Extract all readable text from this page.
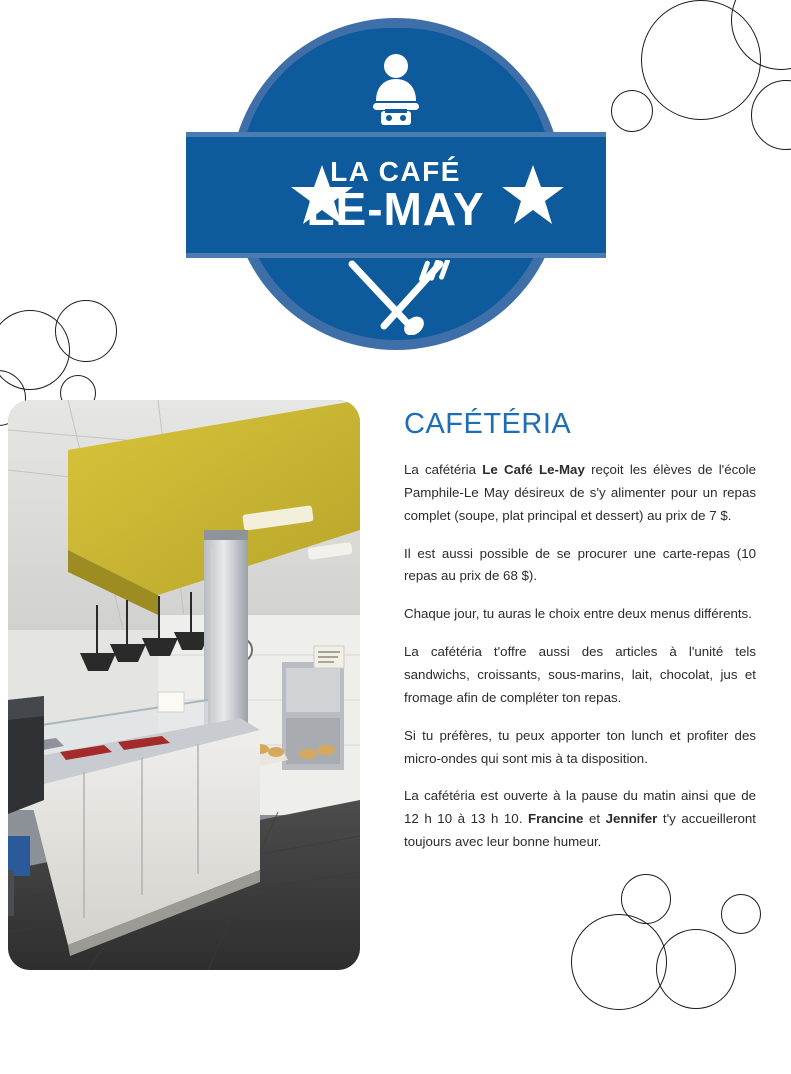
LA CAFÉ
LE-MAY
CAFÉTÉRIA

La cafétéria Le Café Le-May reçoit les élèves de l'école Pamphile-Le May désireux de s'y alimenter pour un repas complet (soupe, plat principal et dessert) au prix de 7 $.

Il est aussi possible de se procurer une carte-repas (10 repas au prix de 68 $).

Chaque jour, tu auras le choix entre deux menus différents.

La cafétéria t'offre aussi des articles à l'unité tels sandwichs, croissants, sous-marins, lait, chocolat, jus et fromage afin de compléter ton repas.

Si tu préfères, tu peux apporter ton lunch et profiter des micro-ondes qui sont mis à ta disposition.

La cafétéria est ouverte à la pause du matin ainsi que de 12 h 10 à 13 h 10. Francine et Jennifer t'y accueilleront toujours avec leur bonne humeur.
